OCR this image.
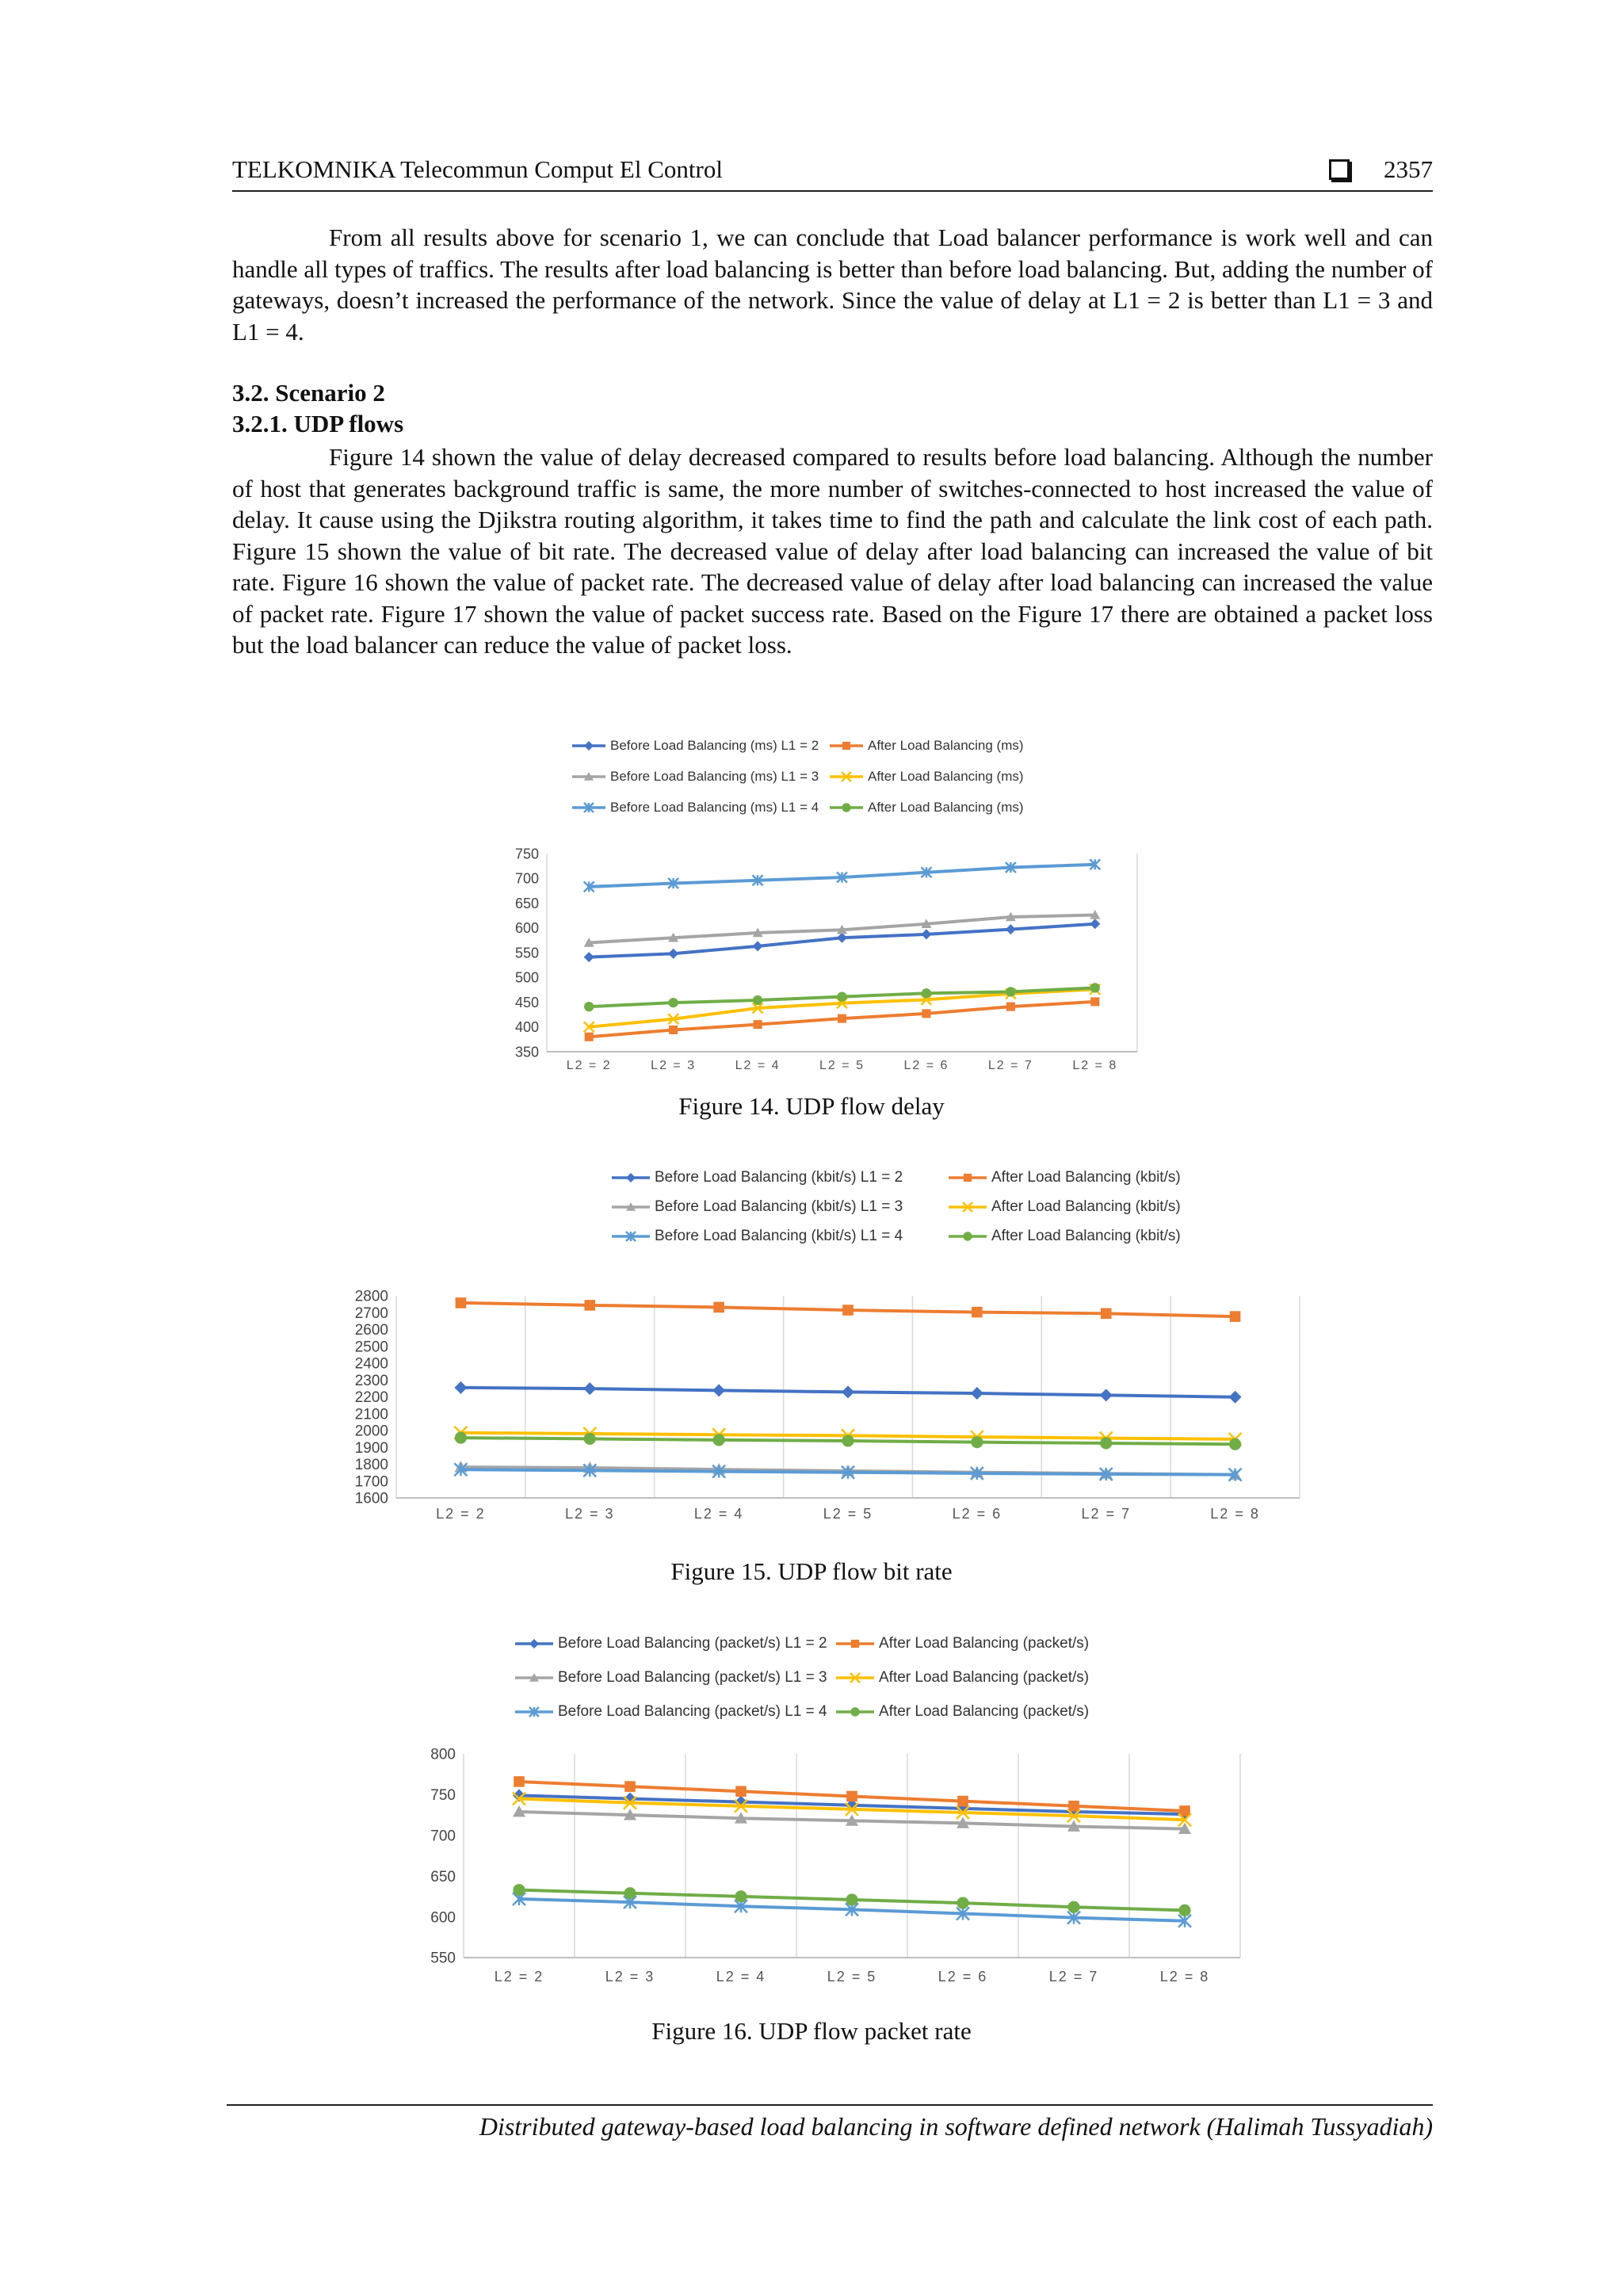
TELKOMNIKA Telecommun Comput El Control	2357

From all results above for scenario 1, we can conclude that Load balancer performance is work well and can handle all types of traffics. The results after load balancing is better than before load balancing. But, adding the number of gateways, doesn’t increased the performance of the network. Since the value of delay at L1 = 2 is better than L1 = 3 and L1 = 4.

3.2. Scenario 2

3.2.1. UDP flows

Figure 14 shown the value of delay decreased compared to results before load balancing. Although the number of host that generates background traffic is same, the more number of switches-connected to host increased the value of delay. It cause using the Djikstra routing algorithm, it takes time to find the path and calculate the link cost of each path. Figure 15 shown the value of bit rate. The decreased value of delay after load balancing can increased the value of bit rate. Figure 16 shown the value of packet rate. The decreased value of delay after load balancing can increased the value of packet rate. Figure 17 shown the value of packet success rate. Based on the Figure 17 there are obtained a packet loss but the load balancer can reduce the value of packet loss.

Before Load Balancing (ms) L1 = 2	After Load Balancing (ms)
Before Load Balancing (ms) L1 = 3	After Load Balancing (ms)
Before Load Balancing (ms) L1 = 4	After Load Balancing (ms)
350
400
450
500
550
600
650
700
750
L2 = 2	L2 = 3	L2 = 4	L2 = 5	L2 = 6	L2 = 7	L2 = 8

Figure 14. UDP flow delay

Before Load Balancing (kbit/s) L1 = 2	After Load Balancing (kbit/s)
Before Load Balancing (kbit/s) L1 = 3	After Load Balancing (kbit/s)
Before Load Balancing (kbit/s) L1 = 4	After Load Balancing (kbit/s)
1600
1700
1800
1900
2000
2100
2200
2300
2400
2500
2600
2700
2800
L2 = 2	L2 = 3	L2 = 4	L2 = 5	L2 = 6	L2 = 7	L2 = 8

Figure 15. UDP flow bit rate

Before Load Balancing (packet/s) L1 = 2	After Load Balancing (packet/s)
Before Load Balancing (packet/s) L1 = 3	After Load Balancing (packet/s)
Before Load Balancing (packet/s) L1 = 4	After Load Balancing (packet/s)
550
600
650
700
750
800
L2 = 2	L2 = 3	L2 = 4	L2 = 5	L2 = 6	L2 = 7	L2 = 8

Figure 16. UDP flow packet rate

Distributed gateway-based load balancing in software defined network (Halimah Tussyadiah)
